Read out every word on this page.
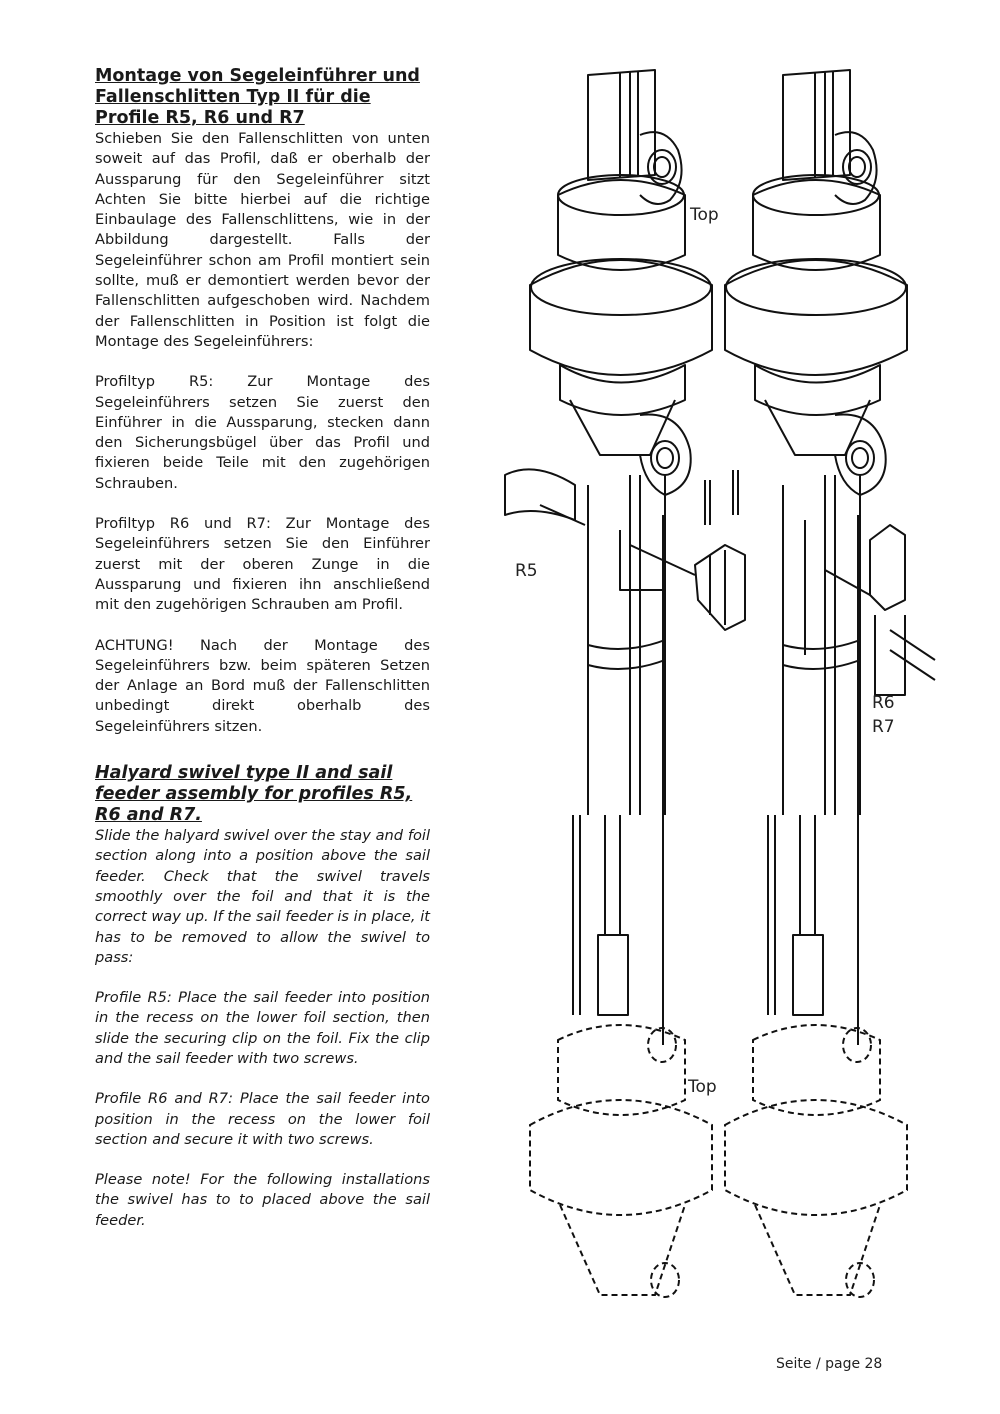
Montage von Segeleinführer und Fallenschlitten Typ II für die Profile R5, R6 und R7

Schieben Sie den Fallenschlitten von unten soweit auf das Profil, daß er oberhalb der Aussparung für den Segeleinführer sitzt Achten Sie bitte hierbei auf die richtige Einbaulage des Fallenschlittens, wie in der Abbildung dargestellt. Falls der Segeleinführer schon am Profil montiert sein sollte, muß er demontiert werden bevor der Fallenschlitten aufgeschoben wird. Nachdem der Fallenschlitten in Position ist folgt die Montage des Segeleinführers:

Profiltyp R5: Zur Montage des Segeleinführers setzen Sie zuerst den Einführer in die Aussparung, stecken dann den Sicherungsbügel über das Profil und fixieren beide Teile mit den zugehörigen Schrauben.

Profiltyp R6 und R7: Zur Montage des Segeleinführers setzen Sie den Einführer zuerst mit der oberen Zunge in die Aussparung und fixieren ihn anschließend mit den zugehörigen Schrauben am Profil.

ACHTUNG! Nach der Montage des Segeleinführers bzw. beim späteren Setzen der Anlage an Bord muß der Fallenschlitten unbedingt direkt oberhalb des Segeleinführers sitzen.

Halyard swivel type II and sail feeder assembly for profiles R5, R6 and R7.

Slide the halyard swivel over the stay and foil section along into a position above the sail feeder. Check that the swivel travels smoothly over the foil and that it is the correct way up. If the sail feeder is in place, it has to be removed to allow the swivel to pass:

Profile R5: Place the sail feeder into position in the recess on the lower foil section, then slide the securing clip on the foil. Fix the clip and the sail feeder with two screws.

Profile R6 and R7: Place the sail feeder into position in the recess on the lower foil section and secure it with two screws.

Please note! For the following installations the swivel has to to placed above the sail feeder.

Top
R5
R6
R7
Top
Seite / page 28
